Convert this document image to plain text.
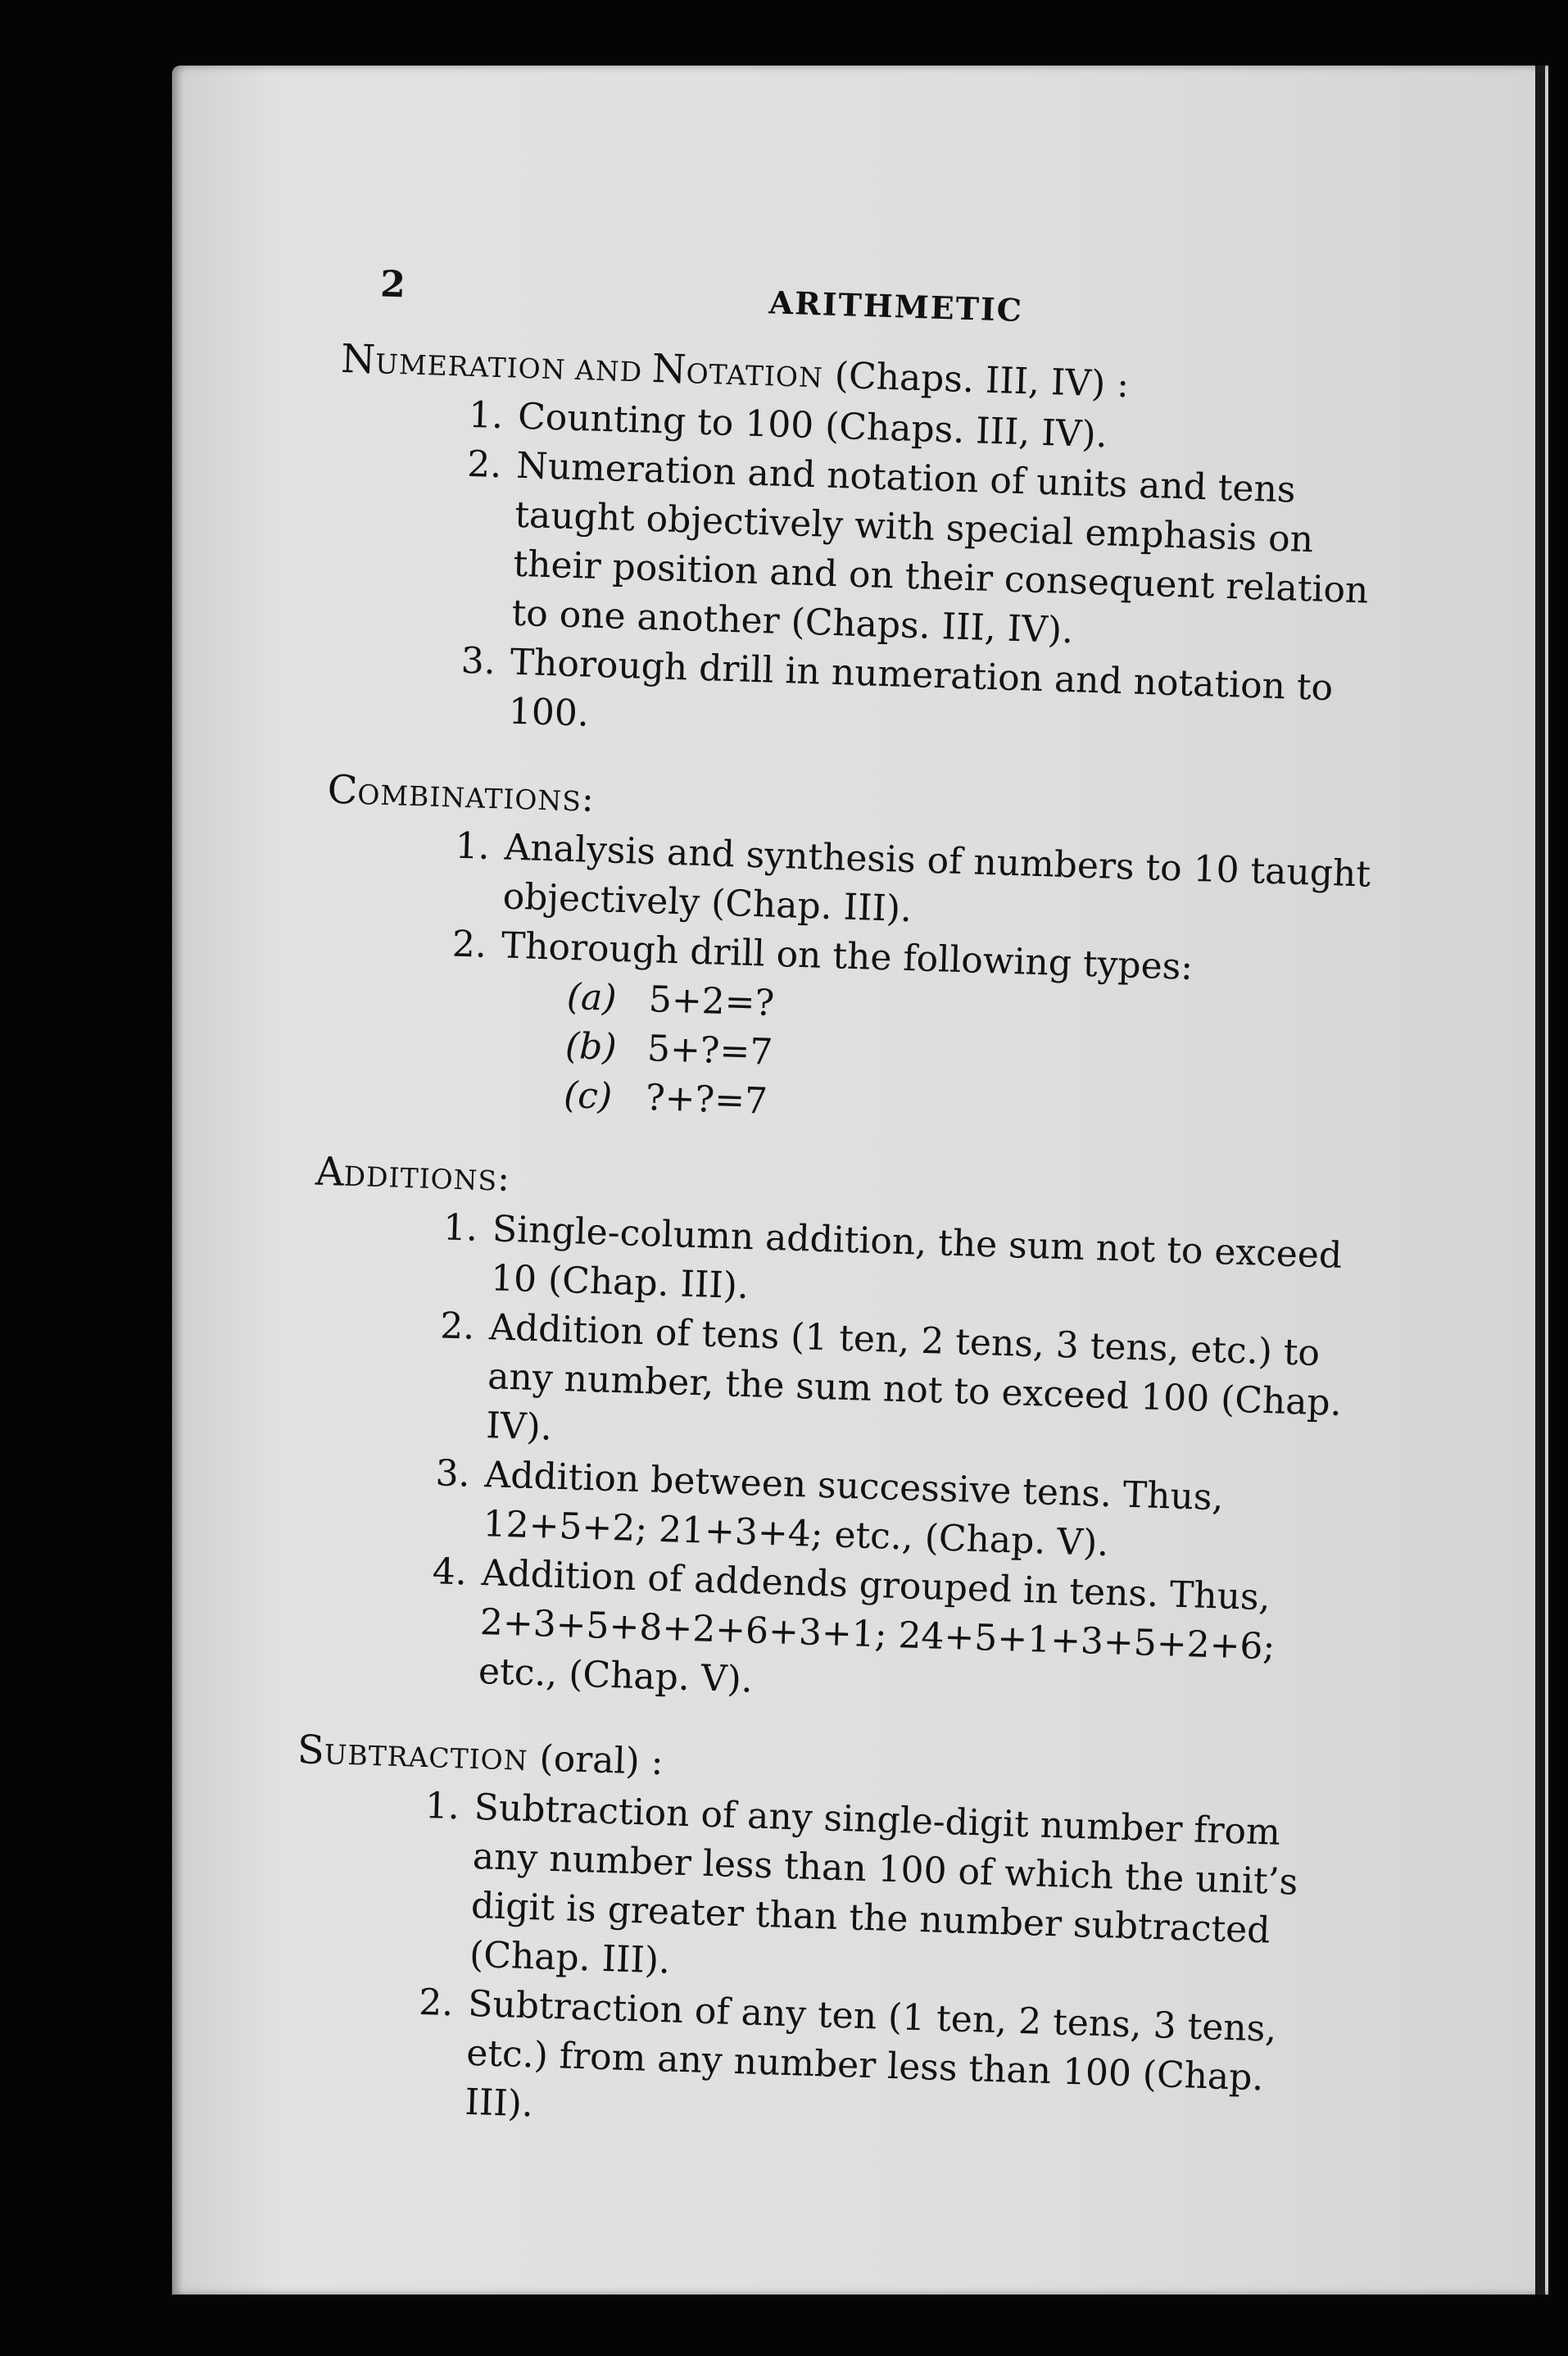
2	ARITHMETIC
NUMERATION AND NOTATION (Chaps. III, IV) :
1. Counting to 100 (Chaps. III, IV).
2. Numeration and notation of units and tens taught objectively with special emphasis on their position and on their consequent relation to one another (Chaps. III, IV).
3. Thorough drill in numeration and notation to 100.
COMBINATIONS:
1. Analysis and synthesis of numbers to 10 taught objectively (Chap. III).
2. Thorough drill on the following types:
(a) 5+2=?
(b) 5+?=7
(c) ?+?=7
ADDITIONS:
1. Single-column addition, the sum not to exceed 10 (Chap. III).
2. Addition of tens (1 ten, 2 tens, 3 tens, etc.) to any number, the sum not to exceed 100 (Chap. IV).
3. Addition between successive tens. Thus, 12+5+2; 21+3+4; etc., (Chap. V).
4. Addition of addends grouped in tens. Thus, 2+3+5+8+2+6+3+1; 24+5+1+3+5+2+6; etc., (Chap. V).
SUBTRACTION (oral) :
1. Subtraction of any single-digit number from any number less than 100 of which the unit’s digit is greater than the number subtracted (Chap. III).
2. Subtraction of any ten (1 ten, 2 tens, 3 tens, etc.) from any number less than 100 (Chap. III).
